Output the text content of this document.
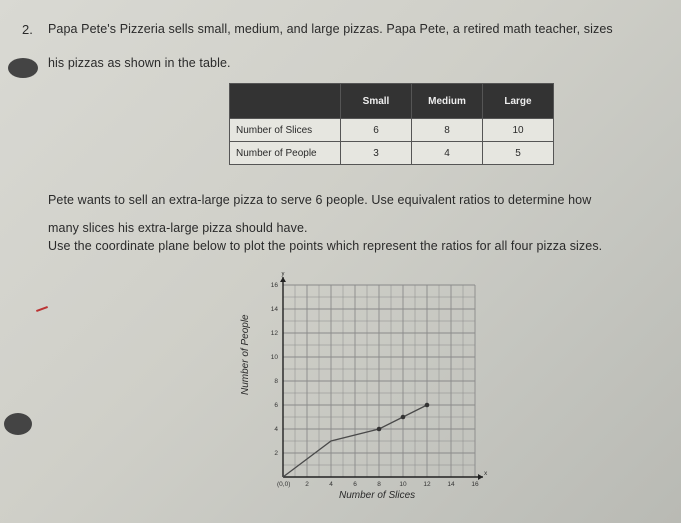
2. Papa Pete's Pizzeria sells small, medium, and large pizzas. Papa Pete, a retired math teacher, sizes
his pizzas as shown in the table.
	Small	Medium	Large
Number of Slices	6	8	10
Number of People	3	4	5
Pete wants to sell an extra-large pizza to serve 6 people. Use equivalent ratios to determine how
many slices his extra-large pizza should have.
Use the coordinate plane below to plot the points which represent the ratios for all four pizza sizes.
2	4	6	8	10	12	14	16
2
4
6
8
10
12
14
16
y
x
(0,0)
Number of People
Number of Slices
